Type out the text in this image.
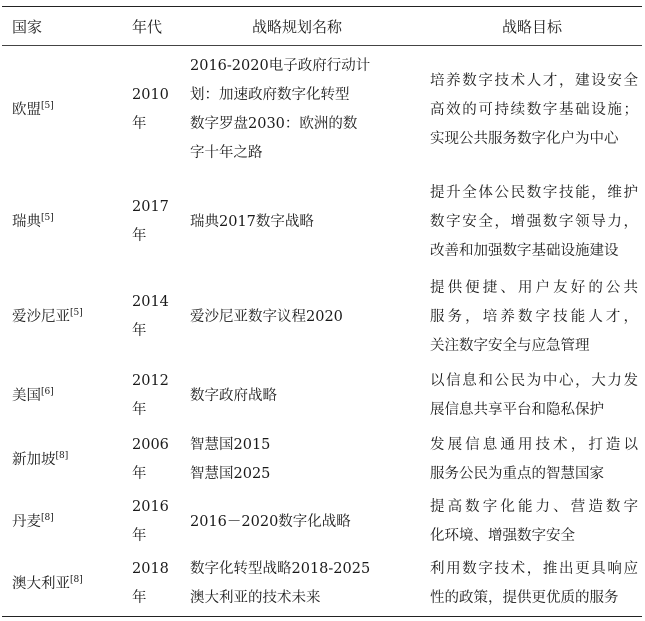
国家	年代	战略规划名称	战略目标
欧盟[5]	2010年	2016-2020电子政府行动计
划：加速政府数字化转型
数字罗盘2030：欧洲的数
字十年之路	培养数字技术人才，建设安全
高效的可持续数字基础设施；
实现公共服务数字化户为中心

瑞典[5]	2017年	瑞典2017数字战略	提升全体公民数字技能，维护
数字安全，增强数字领导力，
改善和加强数字基础设施建设

爱沙尼亚[5]	2014年	爱沙尼亚数字议程2020	提供便捷、用户友好的公共
服务，培养数字技能人才，
关注数字安全与应急管理

美国[6]	2012年	数字政府战略	以信息和公民为中心，大力发
展信息共享平台和隐私保护

新加坡[8]	2006年	智慧国2015
智慧国2025	发展信息通用技术，打造以
服务公民为重点的智慧国家

丹麦[8]	2016年	2016－2020数字化战略	提高数字化能力、营造数字
化环境、增强数字安全

澳大利亚[8]	2018年	数字化转型战略2018-2025
澳大利亚的技术未来	利用数字技术，推出更具响应
性的政策，提供更优质的服务
